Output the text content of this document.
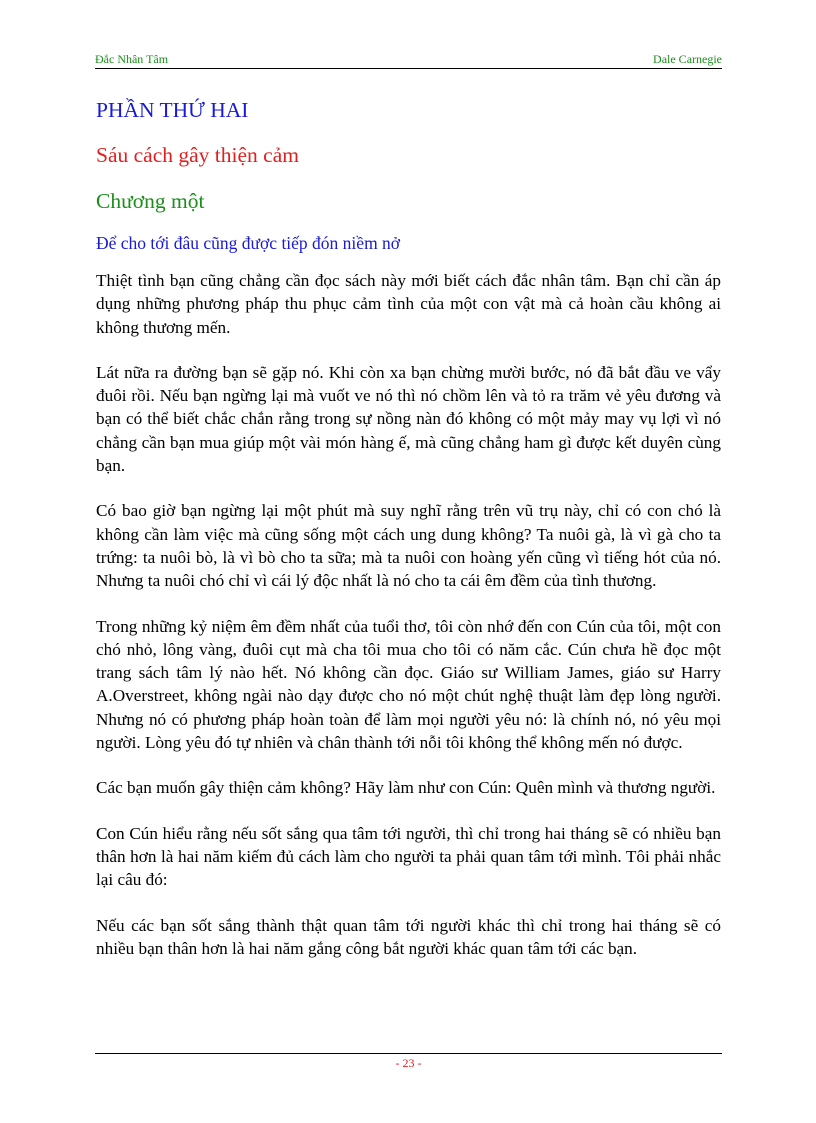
Đắc Nhân Tâm	Dale Carnegie
PHẦN THỨ HAI
Sáu cách gây thiện cảm
Chương một
Để cho tới đâu cũng được tiếp đón niềm nở

Thiệt tình bạn cũng chẳng cần đọc sách này mới biết cách đắc nhân tâm. Bạn chỉ cần áp dụng những phương pháp thu phục cảm tình của một con vật mà cả hoàn cầu không ai không thương mến.

Lát nữa ra đường bạn sẽ gặp nó. Khi còn xa bạn chừng mười bước, nó đã bắt đầu ve vẩy đuôi rồi. Nếu bạn ngừng lại mà vuốt ve nó thì nó chồm lên và tỏ ra trăm vẻ yêu đương và bạn có thể biết chắc chắn rằng trong sự nồng nàn đó không có một mảy may vụ lợi vì nó chẳng cần bạn mua giúp một vài món hàng ế, mà cũng chẳng ham gì được kết duyên cùng bạn.

Có bao giờ bạn ngừng lại một phút mà suy nghĩ rằng trên vũ trụ này, chỉ có con chó là không cần làm việc mà cũng sống một cách ung dung không? Ta nuôi gà, là vì gà cho ta trứng: ta nuôi bò, là vì bò cho ta sữa; mà ta nuôi con hoàng yến cũng vì tiếng hót của nó. Nhưng ta nuôi chó chỉ vì cái lý độc nhất là nó cho ta cái êm đềm của tình thương.

Trong những kỷ niệm êm đềm nhất của tuổi thơ, tôi còn nhớ đến con Cún của tôi, một con chó nhỏ, lông vàng, đuôi cụt mà cha tôi mua cho tôi có năm cắc. Cún chưa hề đọc một trang sách tâm lý nào hết. Nó không cần đọc. Giáo sư William James, giáo sư Harry A.Overstreet, không ngài nào dạy được cho nó một chút nghệ thuật làm đẹp lòng người. Nhưng nó có phương pháp hoàn toàn để làm mọi người yêu nó: là chính nó, nó yêu mọi người. Lòng yêu đó tự nhiên và chân thành tới nỗi tôi không thể không mến nó được.

Các bạn muốn gây thiện cảm không? Hãy làm như con Cún: Quên mình và thương người.

Con Cún hiểu rằng nếu sốt sắng qua tâm tới người, thì chỉ trong hai tháng sẽ có nhiều bạn thân hơn là hai năm kiếm đủ cách làm cho người ta phải quan tâm tới mình. Tôi phải nhắc lại câu đó:

Nếu các bạn sốt sắng thành thật quan tâm tới người khác thì chỉ trong hai tháng sẽ có nhiều bạn thân hơn là hai năm gắng công bắt người khác quan tâm tới các bạn.

- 23 -
